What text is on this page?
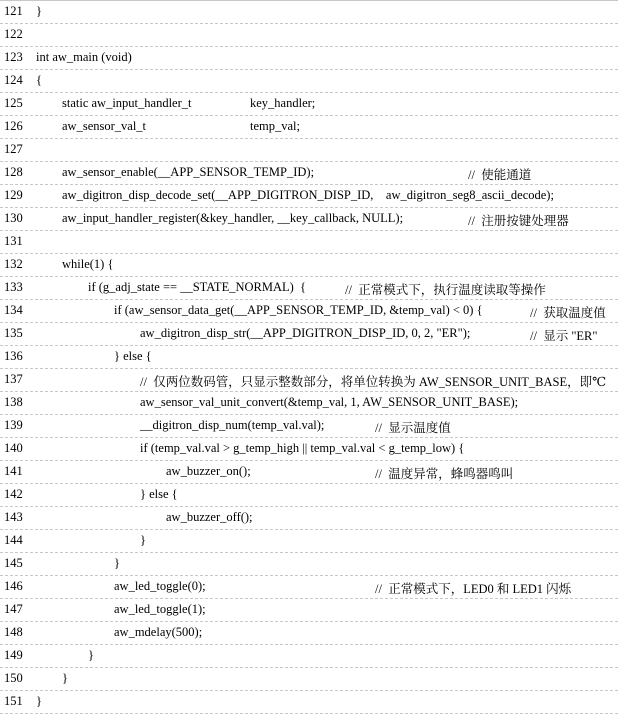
121 }
122
123 int aw_main (void)
124 {
125	static aw_input_handler_t	key_handler;
126	aw_sensor_val_t	temp_val;
127
128	aw_sensor_enable(__APP_SENSOR_TEMP_ID);	//  使能通道
129	aw_digitron_disp_decode_set(__APP_DIGITRON_DISP_ID,    aw_digitron_seg8_ascii_decode);
130	aw_input_handler_register(&key_handler, __key_callback, NULL);	//  注册按键处理器
131
132	while(1) {
133	if (g_adj_state == __STATE_NORMAL)  {	//  正常模式下，执行温度读取等操作
134	if (aw_sensor_data_get(__APP_SENSOR_TEMP_ID, &temp_val) < 0) {	//  获取温度值
135	aw_digitron_disp_str(__APP_DIGITRON_DISP_ID, 0, 2, "ER");	//  显示 "ER"
136	} else {
137	//  仅两位数码管，只显示整数部分，将单位转换为 AW_SENSOR_UNIT_BASE，即℃
138	aw_sensor_val_unit_convert(&temp_val, 1, AW_SENSOR_UNIT_BASE);
139	__digitron_disp_num(temp_val.val);	//  显示温度值
140	if (temp_val.val > g_temp_high || temp_val.val < g_temp_low) {
141	aw_buzzer_on();	//  温度异常，蜂鸣器鸣叫
142	} else {
143	aw_buzzer_off();
144	}
145	}
146	aw_led_toggle(0);	//  正常模式下，LED0 和 LED1 闪烁
147	aw_led_toggle(1);
148	aw_mdelay(500);
149	}
150	}
151 }
